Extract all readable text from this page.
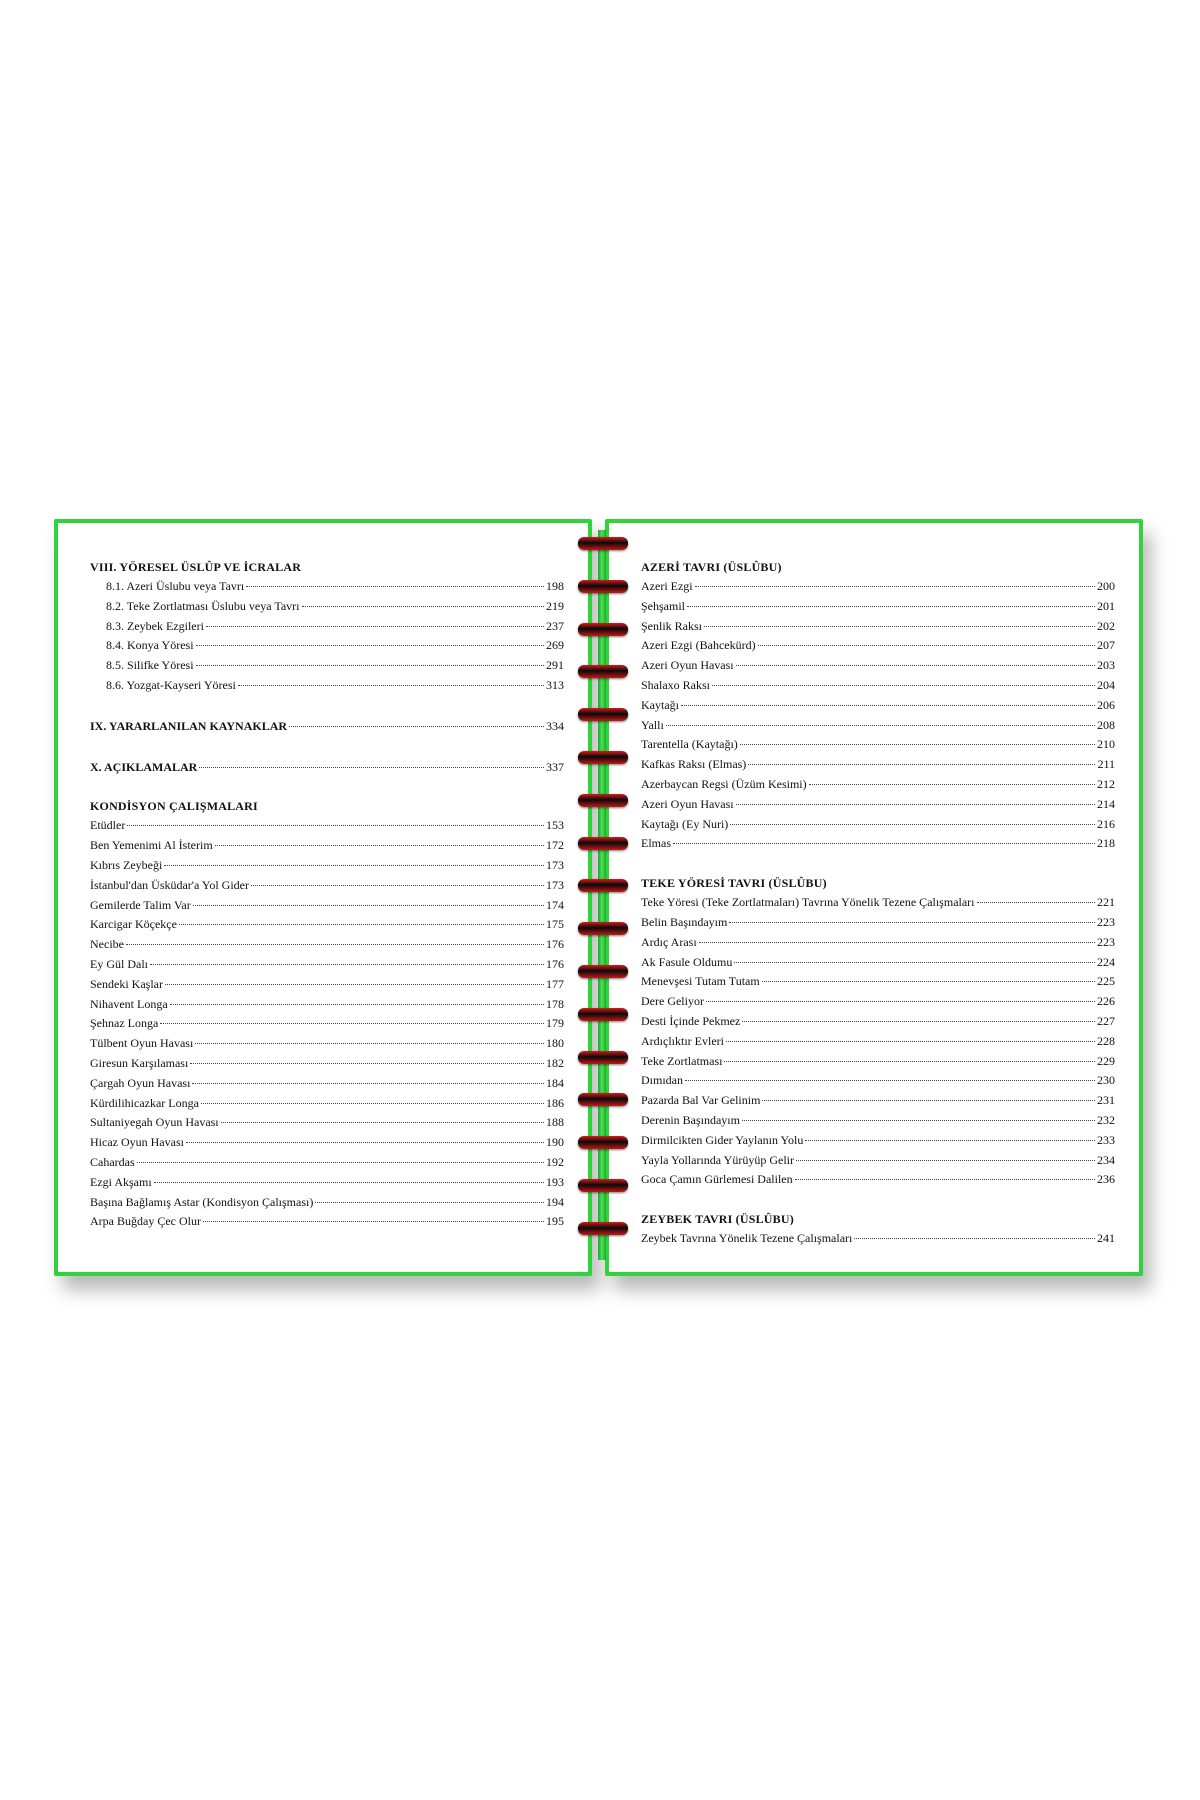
VIII. YÖRESEL ÜSLÛP VE İCRALAR
8.1. Azeri Üslubu veya Tavrı	198
8.2. Teke Zortlatması Üslubu veya Tavrı	219
8.3. Zeybek Ezgileri	237
8.4. Konya Yöresi	269
8.5. Silifke Yöresi	291
8.6. Yozgat-Kayseri Yöresi	313
IX. YARARLANILAN KAYNAKLAR	334
X. AÇIKLAMALAR	337
KONDİSYON ÇALIŞMALARI
Etüdler	153
Ben Yemenimi Al İsterim	172
Kıbrıs Zeybeği	173
İstanbul'dan Üsküdar'a Yol Gider	173
Gemilerde Talim Var	174
Karcigar Köçekçe	175
Necibe	176
Ey Gül Dalı	176
Sendeki Kaşlar	177
Nihavent Longa	178
Şehnaz Longa	179
Tülbent Oyun Havası	180
Giresun Karşılaması	182
Çargah Oyun Havası	184
Kürdilihicazkar Longa	186
Sultaniyegah Oyun Havası	188
Hicaz Oyun Havası	190
Cahardas	192
Ezgi Akşamı	193
Başına Bağlamış Astar (Kondisyon Çalışması)	194
Arpa Buğday Çec Olur	195
AZERİ TAVRI (ÜSLÛBU)
Azeri Ezgi	200
Şehşamil	201
Şenlik Raksı	202
Azeri Ezgi (Bahcekürd)	207
Azeri Oyun Havası	203
Shalaxo Raksı	204
Kaytağı	206
Yallı	208
Tarentella (Kaytağı)	210
Kafkas Raksı (Elmas)	211
Azerbaycan Regsi (Üzüm Kesimi)	212
Azeri Oyun Havası	214
Kaytağı (Ey Nuri)	216
Elmas	218
TEKE YÖRESİ TAVRI (ÜSLÛBU)
Teke Yöresi (Teke Zortlatmaları) Tavrına Yönelik Tezene Çalışmaları	221
Belin Başındayım	223
Ardıç Arası	223
Ak Fasule Oldumu	224
Menevşesi Tutam Tutam	225
Dere Geliyor	226
Desti İçinde Pekmez	227
Ardıçlıktır Evleri	228
Teke Zortlatması	229
Dımıdan	230
Pazarda Bal Var Gelinim	231
Derenin Başındayım	232
Dirmilcikten Gider Yaylanın Yolu	233
Yayla Yollarında Yürüyüp Gelir	234
Goca Çamın Gürlemesi Dalilen	236
ZEYBEK TAVRI (ÜSLÛBU)
Zeybek Tavrına Yönelik Tezene Çalışmaları	241
